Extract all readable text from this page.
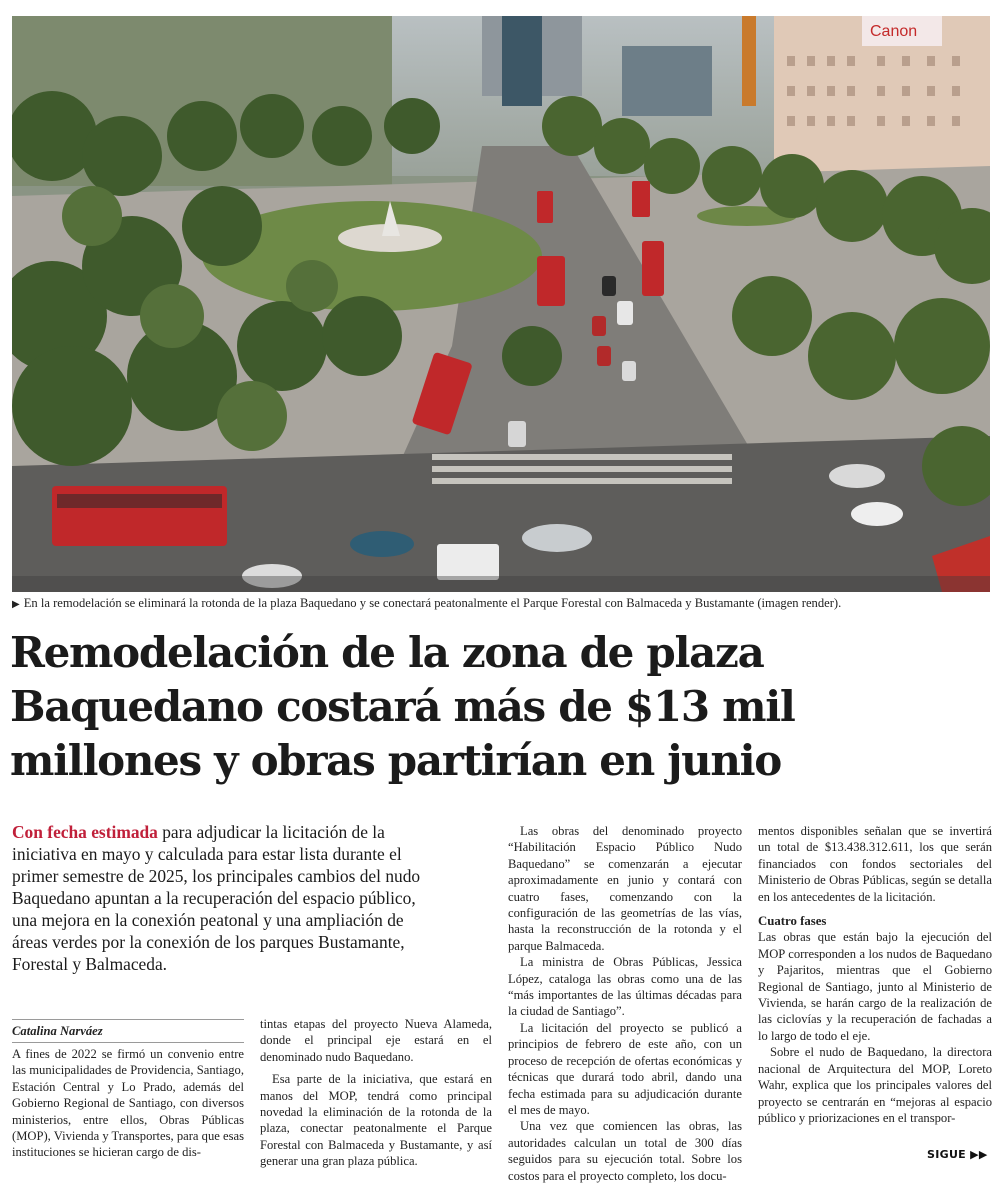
Canon
▶ En la remodelación se eliminará la rotonda de la plaza Baquedano y se conectará peatonalmente el Parque Forestal con Balmaceda y Bustamante (imagen render).
Remodelación de la zona de plaza Baquedano costará más de $13 mil millones y obras partirían en junio
Con fecha estimada para adjudicar la licitación de la iniciativa en mayo y calculada para estar lista durante el primer semestre de 2025, los principales cambios del nudo Baquedano apuntan a la recuperación del espacio público, una mejora en la conexión peatonal y una ampliación de áreas verdes por la conexión de los parques Bustamante, Forestal y Balmaceda.
Catalina Narváez

A fines de 2022 se firmó un convenio entre las municipalidades de Providencia, Santiago, Estación Central y Lo Prado, además del Gobierno Regional de Santiago, con diversos ministerios, entre ellos, Obras Públicas (MOP), Vivienda y Transportes, para que esas instituciones se hicieran cargo de dis-

tintas etapas del proyecto Nueva Alameda, donde el principal eje estará en el denominado nudo Baquedano.

Esa parte de la iniciativa, que estará en manos del MOP, tendrá como principal novedad la eliminación de la rotonda de la plaza, conectar peatonalmente el Parque Forestal con Balmaceda y Bustamante, y así generar una gran plaza pública.

Las obras del denominado proyecto “Habilitación Espacio Público Nudo Baquedano” se comenzarán a ejecutar aproximadamente en junio y contará con cuatro fases, comenzando con la configuración de las geometrías de las vías, hasta la reconstrucción de la rotonda y el parque Balmaceda.

La ministra de Obras Públicas, Jessica López, cataloga las obras como una de las “más importantes de las últimas décadas para la ciudad de Santiago”.

La licitación del proyecto se publicó a principios de febrero de este año, con un proceso de recepción de ofertas económicas y técnicas que durará todo abril, dando una fecha estimada para su adjudicación durante el mes de mayo.

Una vez que comiencen las obras, las autoridades calculan un total de 300 días seguidos para su ejecución total. Sobre los costos para el proyecto completo, los docu-

mentos disponibles señalan que se invertirá un total de $13.438.312.611, los que serán financiados con fondos sectoriales del Ministerio de Obras Públicas, según se detalla en los antecedentes de la licitación.

Cuatro fases

Las obras que están bajo la ejecución del MOP corresponden a los nudos de Baquedano y Pajaritos, mientras que el Gobierno Regional de Santiago, junto al Ministerio de Vivienda, se harán cargo de la realización de las ciclovías y la recuperación de fachadas a lo largo de todo el eje.

Sobre el nudo de Baquedano, la directora nacional de Arquitectura del MOP, Loreto Wahr, explica que los principales valores del proyecto se centrarán en “mejoras al espacio público y priorizaciones en el transpor-

SIGUE ▶▶
